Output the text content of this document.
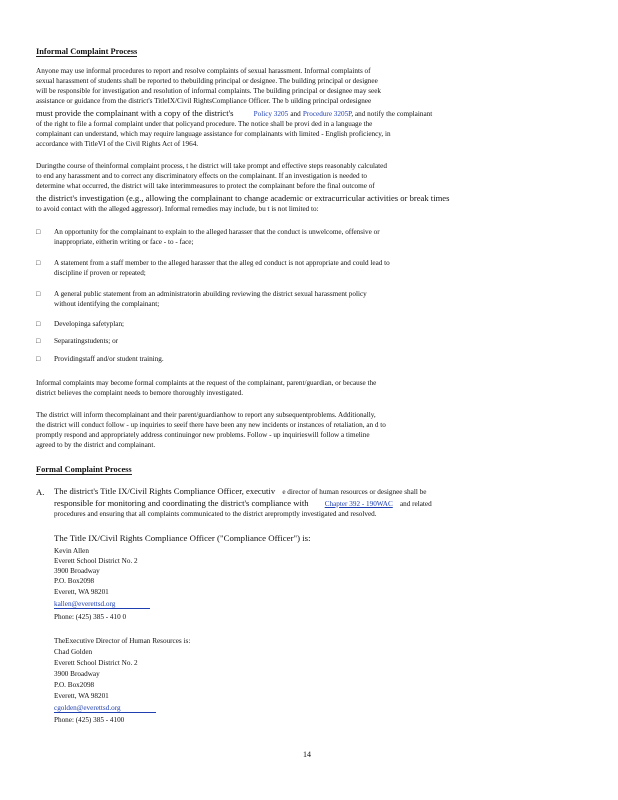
Informal Complaint Process
Anyone may use informal procedures to report and resolve complaints of sexual harassment. Informal complaints of
sexual harassment of students shall be reported to thebuilding principal or designee. The building principal or designee
will be responsible for investigation and resolution of informal complaints. The building principal or designee may seek
assistance or guidance from the district's TitleIX/Civil RightsCompliance Officer. The b uilding principal ordesignee
must provide the complainant with a copy of the district's	Policy 3205 and Procedure 3205P, and notify the complainant
of the right to file a formal complaint under that policyand procedure. The notice shall be provi ded in a language the
complainant can understand, which may require language assistance for complainants with limited - English proficiency, in
accordance with TitleVI of the Civil Rights Act of 1964.
Duringthe course of theinformal complaint process, t he district will take prompt and effective steps reasonably calculated
to end any harassment and to correct any discriminatory effects on the complainant. If an investigation is needed to
determine what occurred, the district will take interimmeasures to protect the complainant before the final outcome of
the district's investigation (e.g., allowing the complainant to change academic or extracurricular activities or break times
to avoid contact with the alleged aggressor). Informal remedies may include, bu t is not limited to:
□ An opportunity for the complainant to explain to the alleged harasser that the conduct is unwelcome, offensive or
inappropriate, eitherin writing or face - to - face;
□ A statement from a staff member to the alleged harasser that the alleg ed conduct is not appropriate and could lead to
discipline if proven or repeated;
□ A general public statement from an administratorin abuilding reviewing the district sexual harassment policy
without identifying the complainant;
□ Developinga safetyplan;
□ Separatingstudents; or
□ Providingstaff and/or student training.
Informal complaints may become formal complaints at the request of the complainant, parent/guardian, or because the
district believes the complaint needs to bemore thoroughly investigated.
The district will inform thecomplainant and their parent/guardianhow to report any subsequentproblems. Additionally,
the district will conduct follow - up inquiries to seeif there have been any new incidents or instances of retaliation, an d to
promptly respond and appropriately address continuingor new problems. Follow - up inquirieswill follow a timeline
agreed to by the district and complainant.
Formal Complaint Process
A. The district's Title IX/Civil Rights Compliance Officer, executiv e director of human resources or designee shall be
responsible for monitoring and coordinating the district's compliance with Chapter 392 - 190WAC and related
procedures and ensuring that all complaints communicated to the district arepromptly investigated and resolved.
The Title IX/Civil Rights Compliance Officer ("Compliance Officer") is:
Kevin Allen
Everett School District No. 2
3900 Broadway
P.O. Box2098
Everett, WA 98201
kallen@everettsd.org
Phone: (425) 385 - 410 0
TheExecutive Director of Human Resources is:
Chad Golden
Everett School District No. 2
3900 Broadway
P.O. Box2098
Everett, WA 98201
cgolden@everettsd.org
Phone: (425) 385 - 4100
14
